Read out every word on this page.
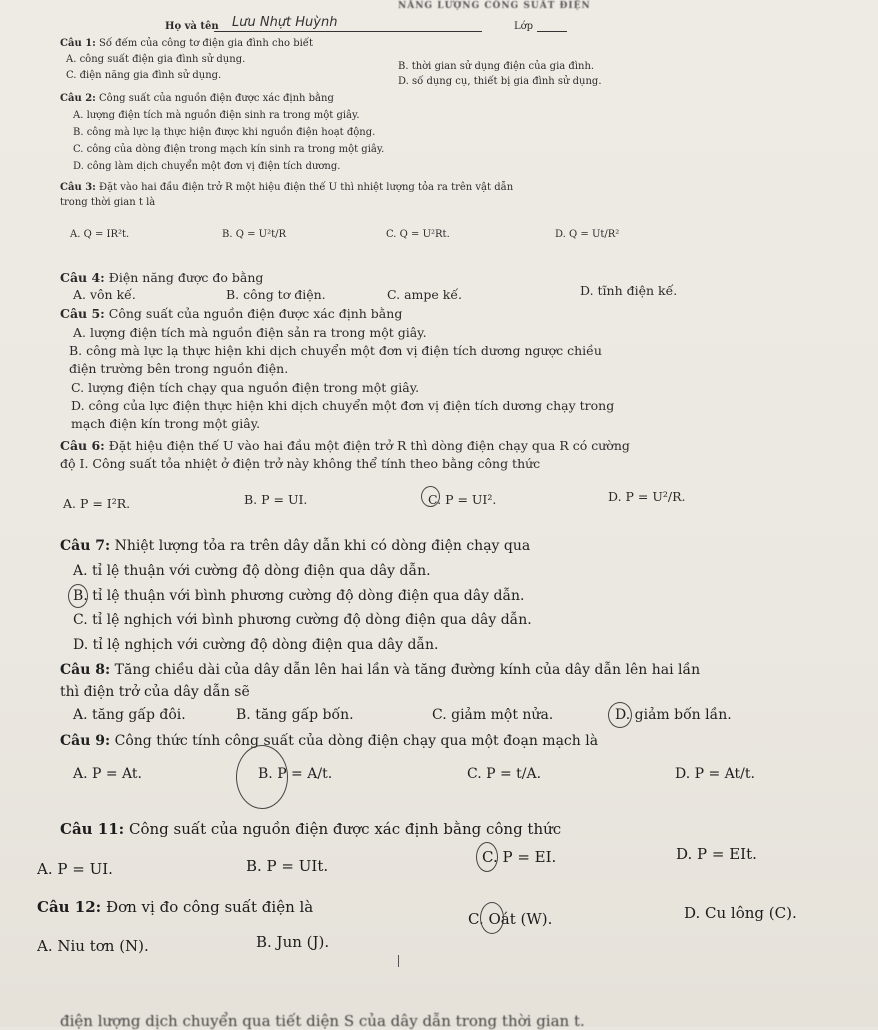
NĂNG LƯỢNG CÔNG SUẤT ĐIỆN
Họ và tên Lưu Nhựt Huỳnh	Lớp
Câu 1: Số đếm của công tơ điện gia đình cho biết
A. công suất điện gia đình sử dụng.
B. thời gian sử dụng điện của gia đình.
C. điện năng gia đình sử dụng.
D. số dụng cụ, thiết bị gia đình sử dụng.
Câu 2: Công suất của nguồn điện được xác định bằng
A. lượng điện tích mà nguồn điện sinh ra trong một giây.
B. công mà lực lạ thực hiện được khi nguồn điện hoạt động.
C. công của dòng điện trong mạch kín sinh ra trong một giây.
D. công làm dịch chuyển một đơn vị điện tích dương.
Câu 3: Đặt vào hai đầu điện trở R một hiệu điện thế U thì nhiệt lượng tỏa ra trên vật dẫn
trong thời gian t là
A. Q = IR²t.	B. Q = U²t/R	C. Q = U²Rt.	D. Q = Ut/R²
Câu 4: Điện năng được đo bằng
A. vôn kế.	B. công tơ điện.	C. ampe kế.	D. tĩnh điện kế.
Câu 5: Công suất của nguồn điện được xác định bằng
A. lượng điện tích mà nguồn điện sản ra trong một giây.
B. công mà lực lạ thực hiện khi dịch chuyển một đơn vị điện tích dương ngược chiều
điện trường bên trong nguồn điện.
C. lượng điện tích chạy qua nguồn điện trong một giây.
D. công của lực điện thực hiện khi dịch chuyển một đơn vị điện tích dương chạy trong
mạch điện kín trong một giây.
Câu 6: Đặt hiệu điện thế U vào hai đầu một điện trở R thì dòng điện chạy qua R có cường
độ I. Công suất tỏa nhiệt ở điện trở này không thể tính theo bằng công thức
A. P = I²R.	B. P = UI.	C. P = UI².	D. P = U²/R.
Câu 7: Nhiệt lượng tỏa ra trên dây dẫn khi có dòng điện chạy qua
A. tỉ lệ thuận với cường độ dòng điện qua dây dẫn.
B. tỉ lệ thuận với bình phương cường độ dòng điện qua dây dẫn.
C. tỉ lệ nghịch với bình phương cường độ dòng điện qua dây dẫn.
D. tỉ lệ nghịch với cường độ dòng điện qua dây dẫn.
Câu 8: Tăng chiều dài của dây dẫn lên hai lần và tăng đường kính của dây dẫn lên hai lần
thì điện trở của dây dẫn sẽ
A. tăng gấp đôi.	B. tăng gấp bốn.	C. giảm một nửa.	D. giảm bốn lần.
Câu 9: Công thức tính công suất của dòng điện chạy qua một đoạn mạch là
A. P = At.	B. P = A/t.	C. P = t/A.	D. P = At/t.
Câu 11: Công suất của nguồn điện được xác định bằng công thức
A. P = UI.	B. P = UIt.	C. P = EI.	D. P = EIt.
Câu 12: Đơn vị đo công suất điện là
A. Niu tơn (N).	B. Jun (J).
C. Oát (W).	D. Cu lông (C).
điện lượng dịch chuyển qua tiết diện S của dây dẫn trong thời gian t.
